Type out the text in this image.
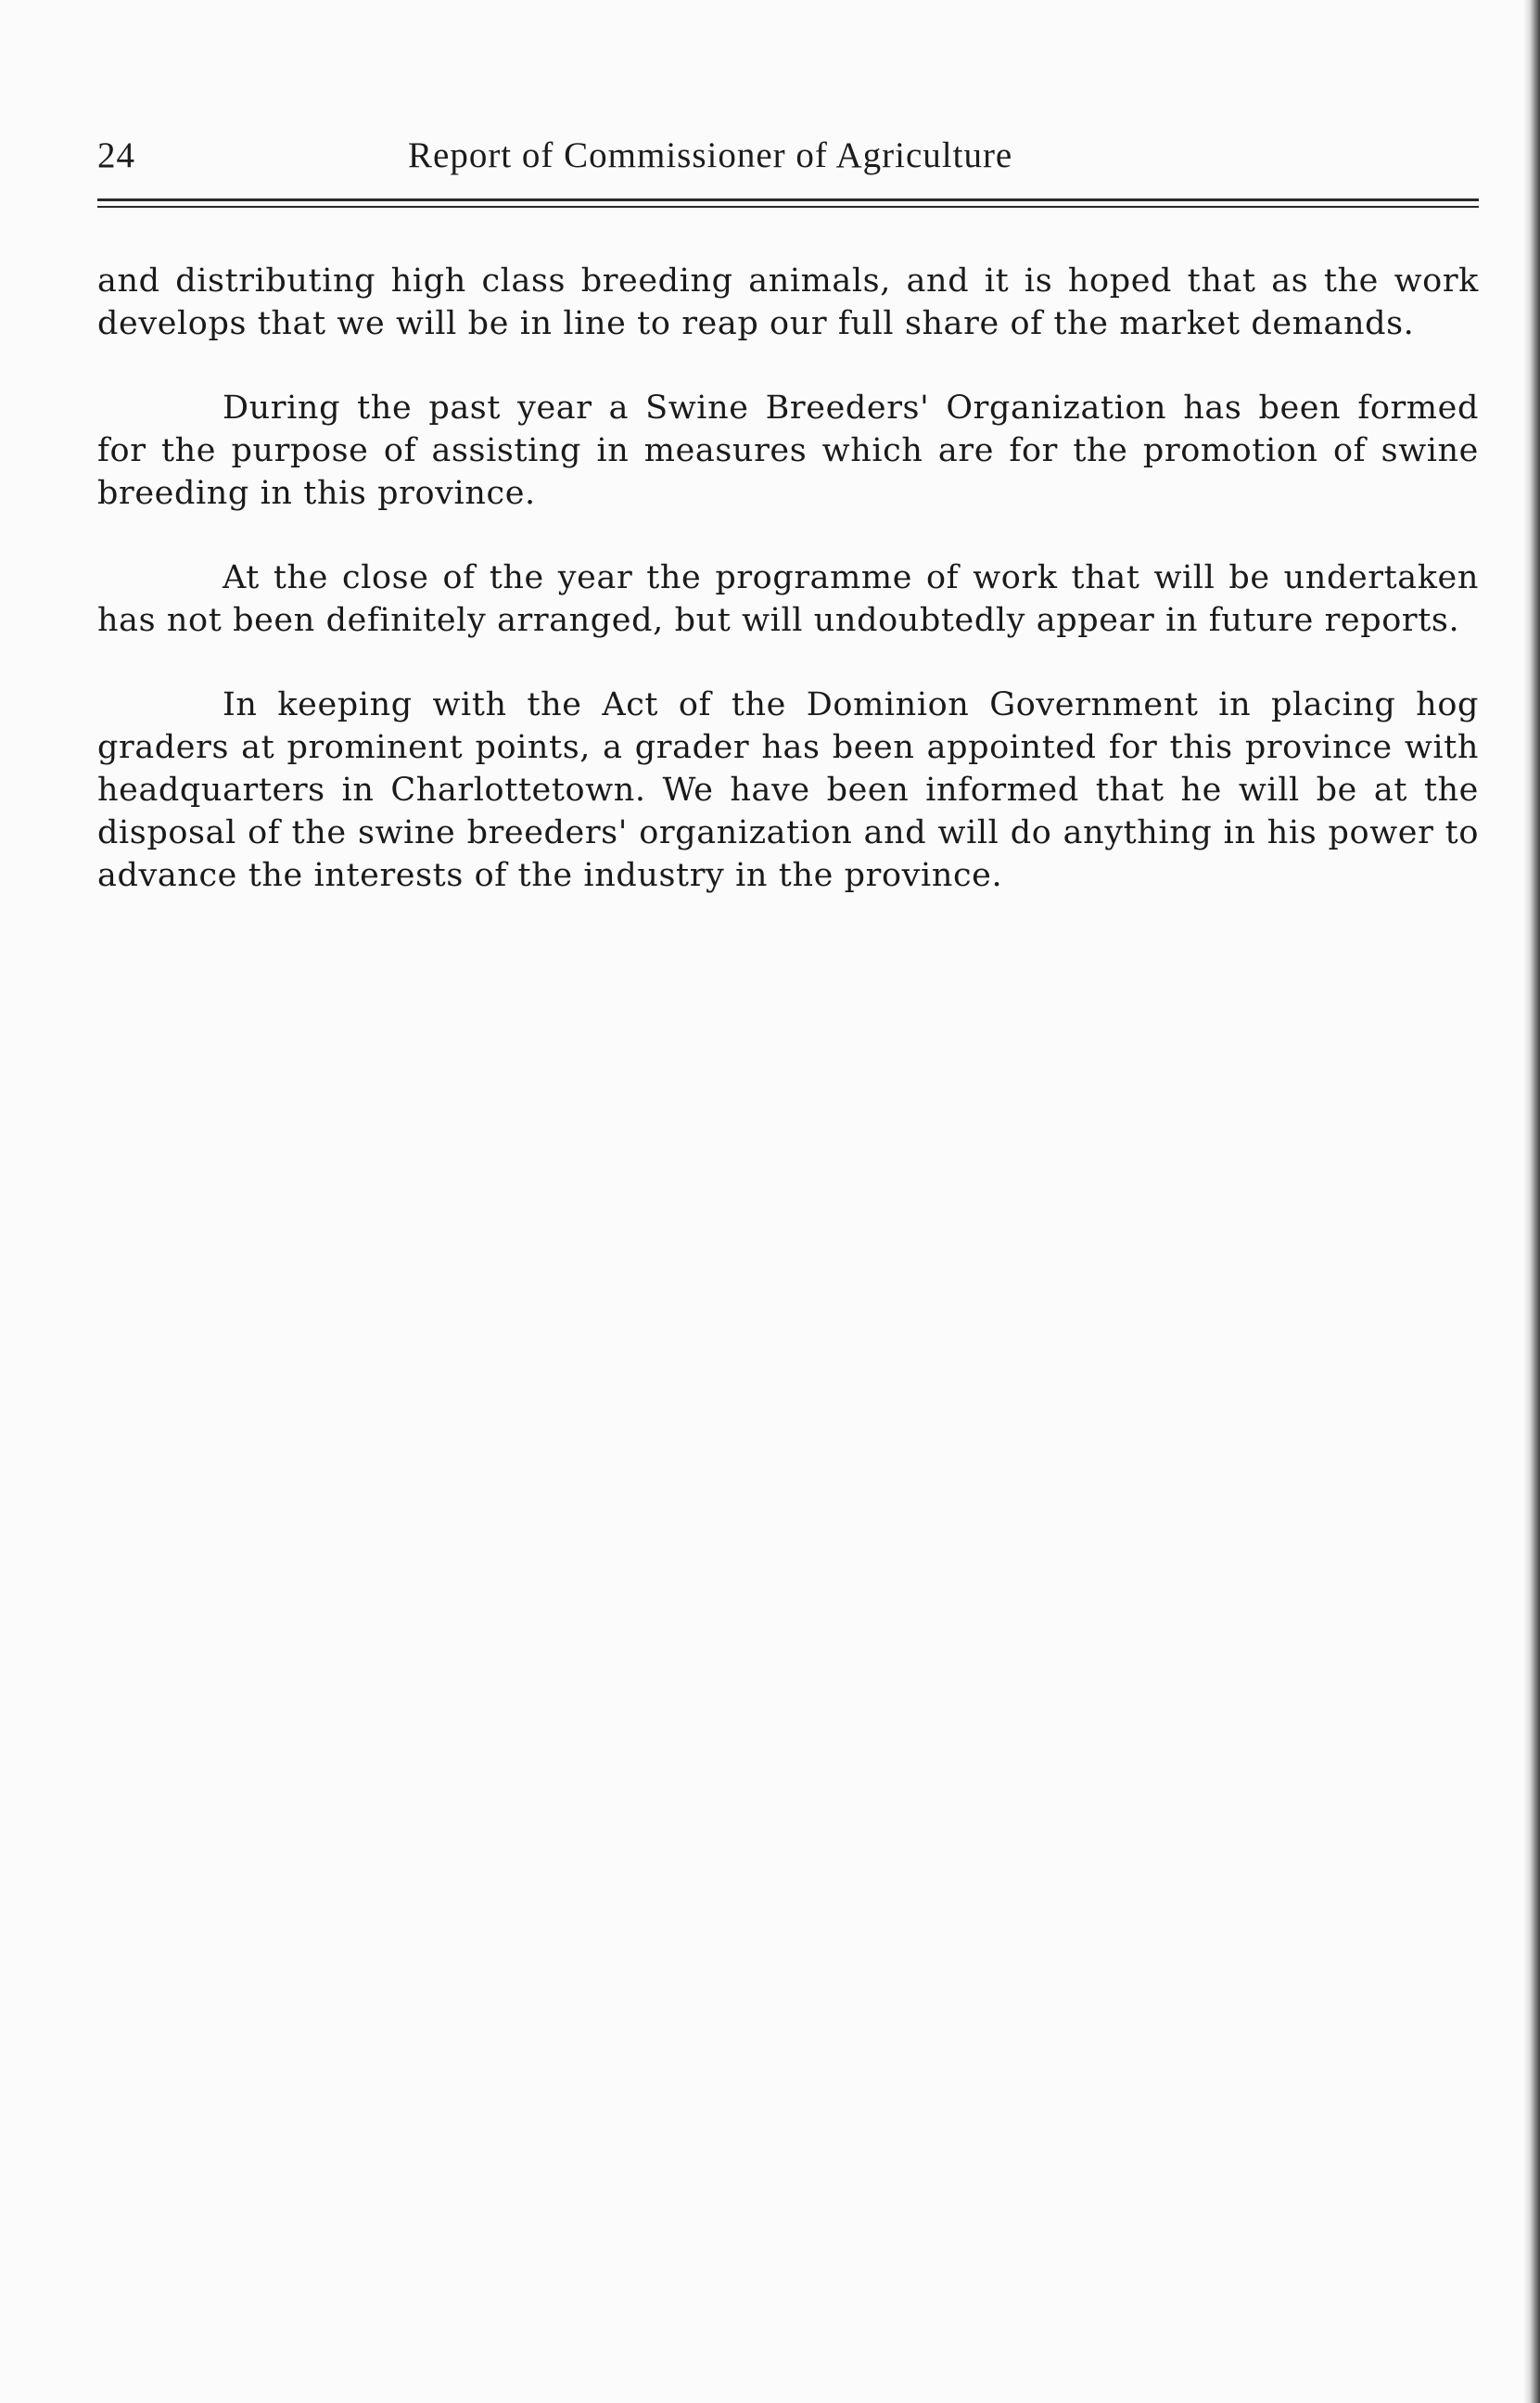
24	Report of Commissioner of Agriculture

and distributing high class breeding animals, and it is hoped that as the work develops that we will be in line to reap our full share of the market demands.

During the past year a Swine Breeders' Organization has been formed for the purpose of assisting in measures which are for the promotion of swine breeding in this province.

At the close of the year the programme of work that will be undertaken has not been definitely arranged, but will undoubtedly appear in future reports.

In keeping with the Act of the Dominion Government in placing hog graders at prominent points, a grader has been appointed for this province with headquarters in Charlottetown. We have been informed that he will be at the disposal of the swine breeders' organization and will do anything in his power to advance the interests of the industry in the province.
